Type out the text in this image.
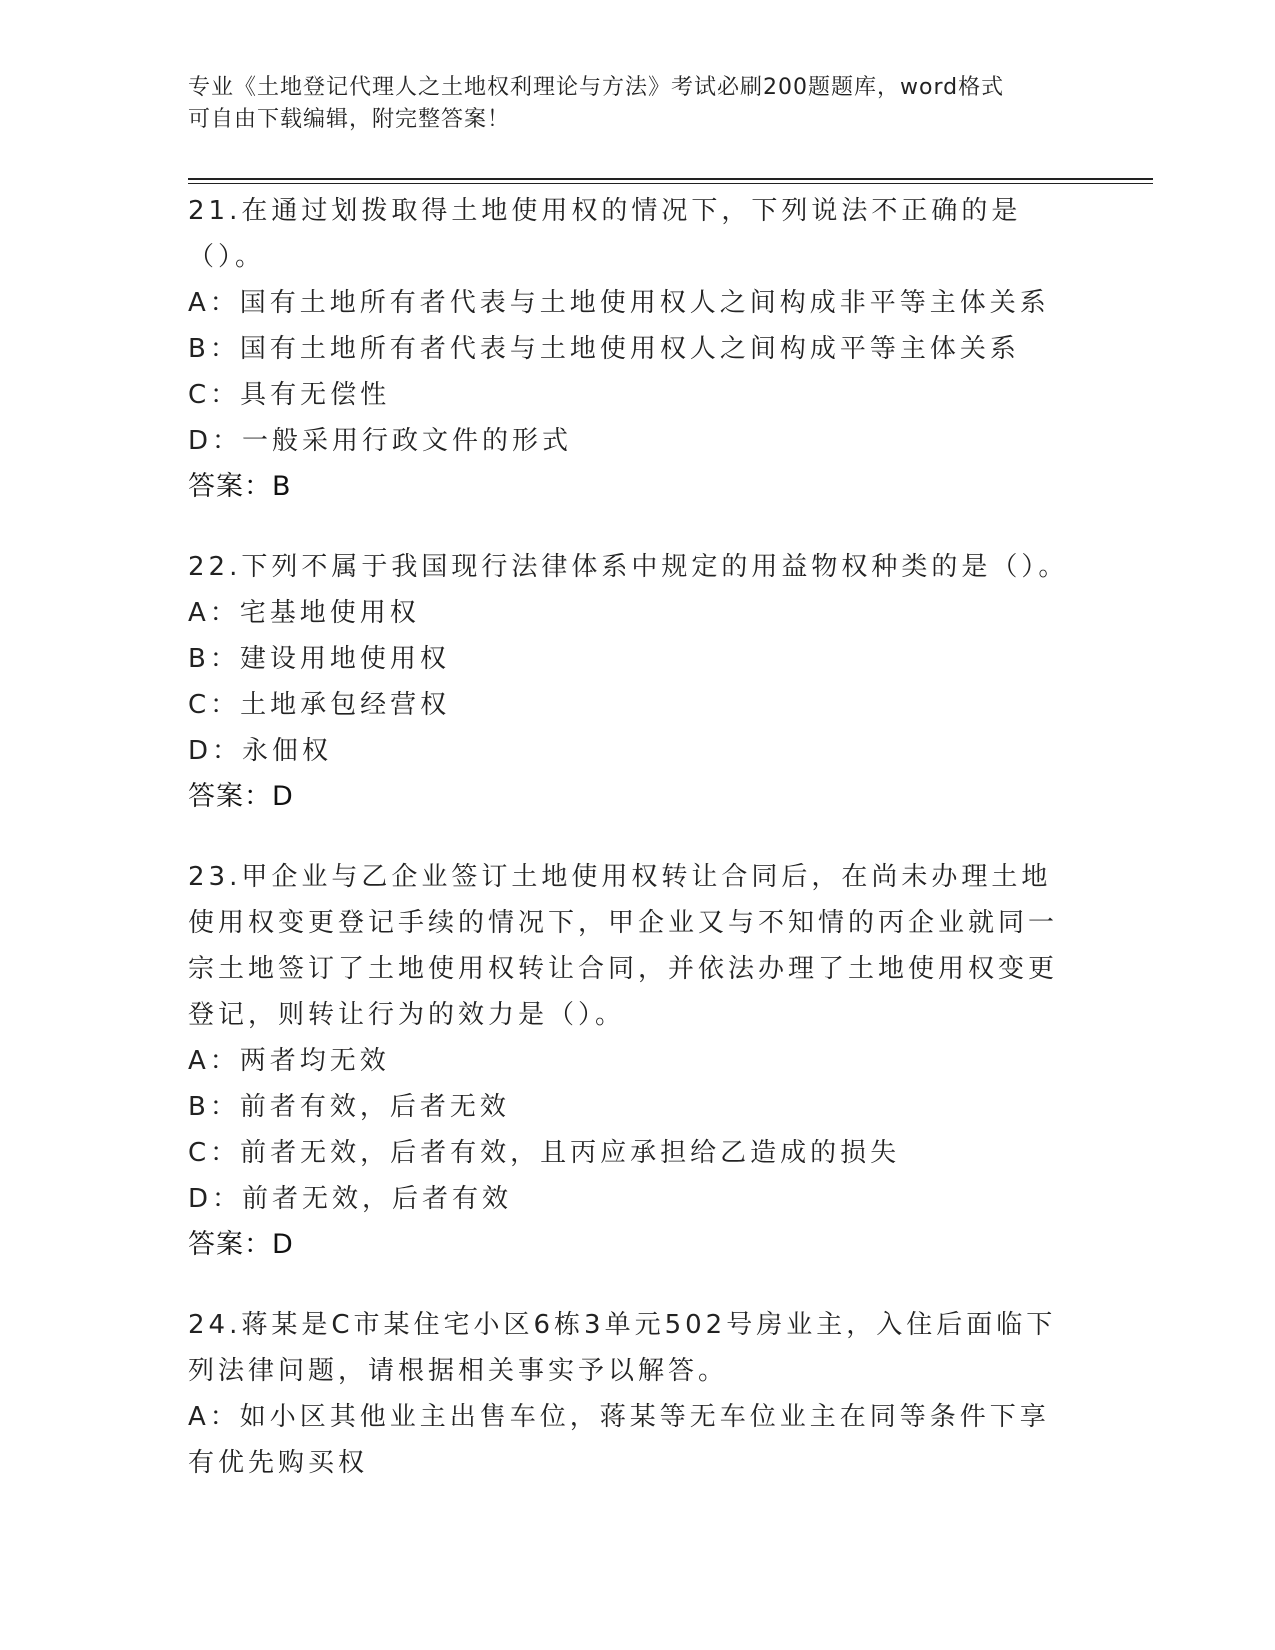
专业《土地登记代理人之土地权利理论与方法》考试必刷200题题库，word格式
可自由下载编辑，附完整答案！

21.在通过划拨取得土地使用权的情况下，下列说法不正确的是（）。

A：国有土地所有者代表与土地使用权人之间构成非平等主体关系

B：国有土地所有者代表与土地使用权人之间构成平等主体关系

C：具有无偿性

D：一般采用行政文件的形式

答案：B

22.下列不属于我国现行法律体系中规定的用益物权种类的是（）。

A：宅基地使用权

B：建设用地使用权

C：土地承包经营权

D：永佃权

答案：D

23.甲企业与乙企业签订土地使用权转让合同后，在尚未办理土地使用权变更登记手续的情况下，甲企业又与不知情的丙企业就同一宗土地签订了土地使用权转让合同，并依法办理了土地使用权变更登记，则转让行为的效力是（）。

A：两者均无效

B：前者有效，后者无效

C：前者无效，后者有效，且丙应承担给乙造成的损失

D：前者无效，后者有效

答案：D

24.蒋某是C市某住宅小区6栋3单元502号房业主，入住后面临下列法律问题，请根据相关事实予以解答。

A：如小区其他业主出售车位，蒋某等无车位业主在同等条件下享有优先购买权
